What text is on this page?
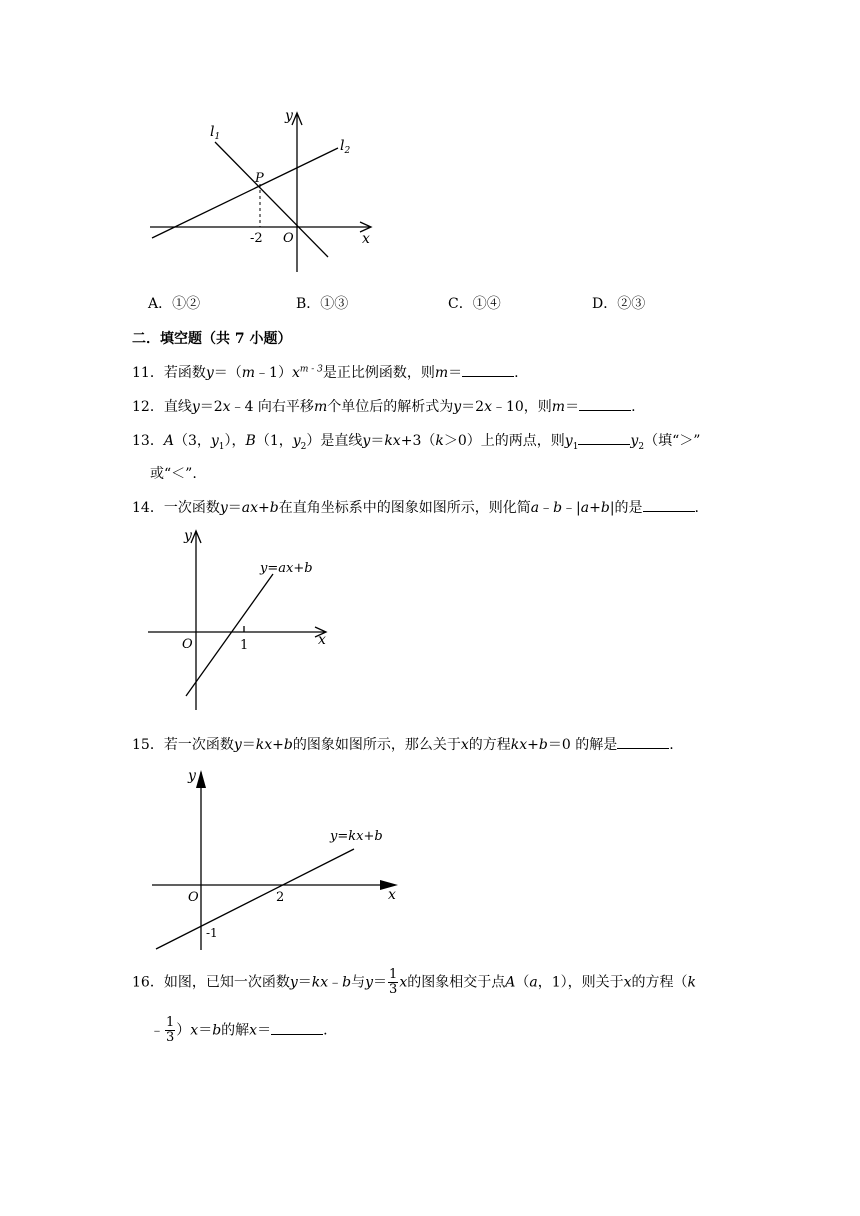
$l_1$
$l_2$
y
x
P
O
-2
A．①②	B．①③	C．①④	D．②③
二．填空题（共 7 小题）
11．若函数$y=(m﹣1)x^{m - 3}$是正比例函数，则m＝	.
12．直线y＝2x﹣4 向右平移m个单位后的解析式为y＝2x﹣10，则m＝	.
13．A（3，$y_1$），B（1，$y_2$）是直线y＝kx+3（k＞0）上的两点，则$y_1$	$y_2$（填“＞”
或“＜”.
14．一次函数y＝ax+b在直角坐标系中的图象如图所示，则化简a﹣b﹣|a+b|的是	.
y
x
O	1
y=ax+b
15．若一次函数y＝kx+b的图象如图所示，那么关于x的方程kx+b＝0 的解是	.
y
x
O	2
-1
y=kx+b
16．如图，已知一次函数y＝kx﹣b与$y= \frac{1}{3}$ x的图象相交于点A（a，1），则关于x的方程（k
﹣ $\frac{1}{3} )x=b$的解x＝	.
